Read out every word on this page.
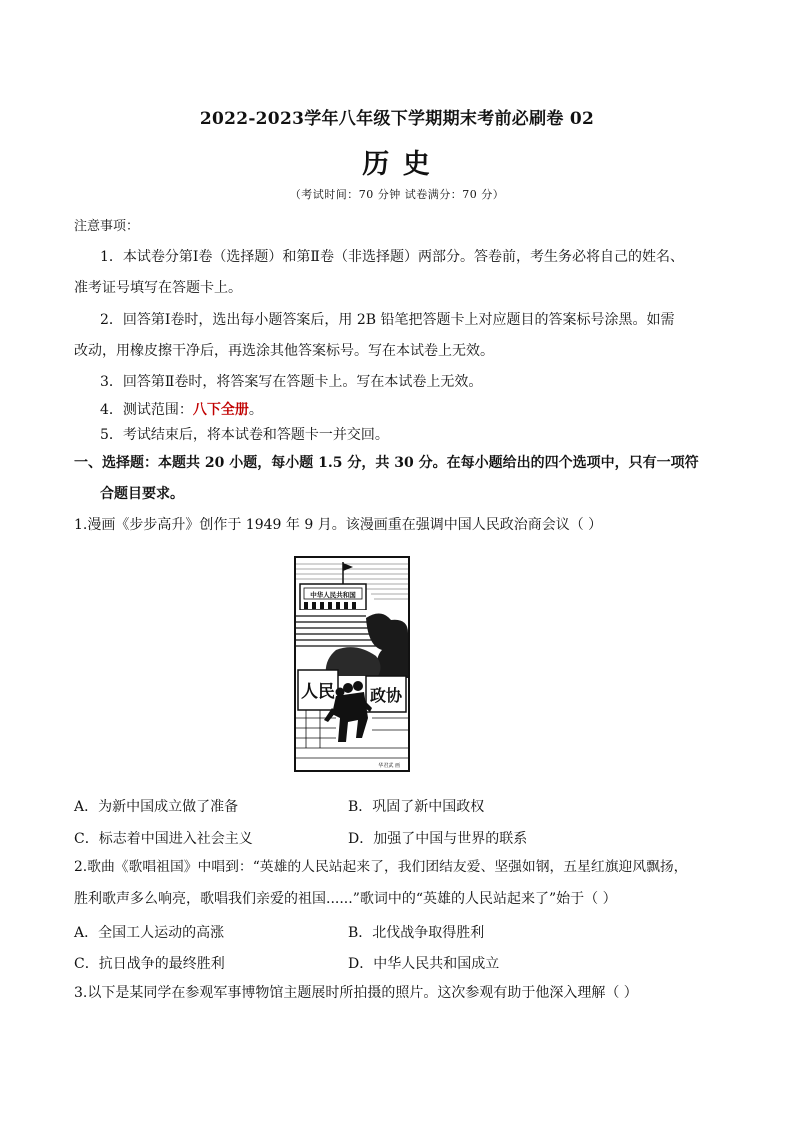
2022-2023学年八年级下学期期末考前必刷卷 02
历 史
（考试时间：70 分钟 试卷满分：70 分）
注意事项：
1．本试卷分第Ⅰ卷（选择题）和第Ⅱ卷（非选择题）两部分。答卷前，考生务必将自己的姓名、
准考证号填写在答题卡上。
2．回答第Ⅰ卷时，选出每小题答案后，用 2B 铅笔把答题卡上对应题目的答案标号涂黑。如需
改动，用橡皮擦干净后，再选涂其他答案标号。写在本试卷上无效。
3．回答第Ⅱ卷时，将答案写在答题卡上。写在本试卷上无效。
4．测试范围：八下全册。
5．考试结束后，将本试卷和答题卡一并交回。
一、选择题：本题共 20 小题，每小题 1.5 分，共 30 分。在每小题给出的四个选项中，只有一项符
合题目要求。
1.漫画《步步高升》创作于 1949 年 9 月。该漫画重在强调中国人民政治商会议（ ）
中华人民共和国
人民 政协
华君武 画
A．为新中国成立做了准备	B．巩固了新中国政权
C．标志着中国进入社会主义	D．加强了中国与世界的联系
2.歌曲《歌唱祖国》中唱到：“英雄的人民站起来了，我们团结友爱、坚强如钢，五星红旗迎风飘扬，
胜利歌声多么响亮，歌唱我们亲爱的祖国......”歌词中的“英雄的人民站起来了”始于（ ）
A．全国工人运动的高涨	B．北伐战争取得胜利
C．抗日战争的最终胜利	D．中华人民共和国成立
3.以下是某同学在参观军事博物馆主题展时所拍摄的照片。这次参观有助于他深入理解（ ）
